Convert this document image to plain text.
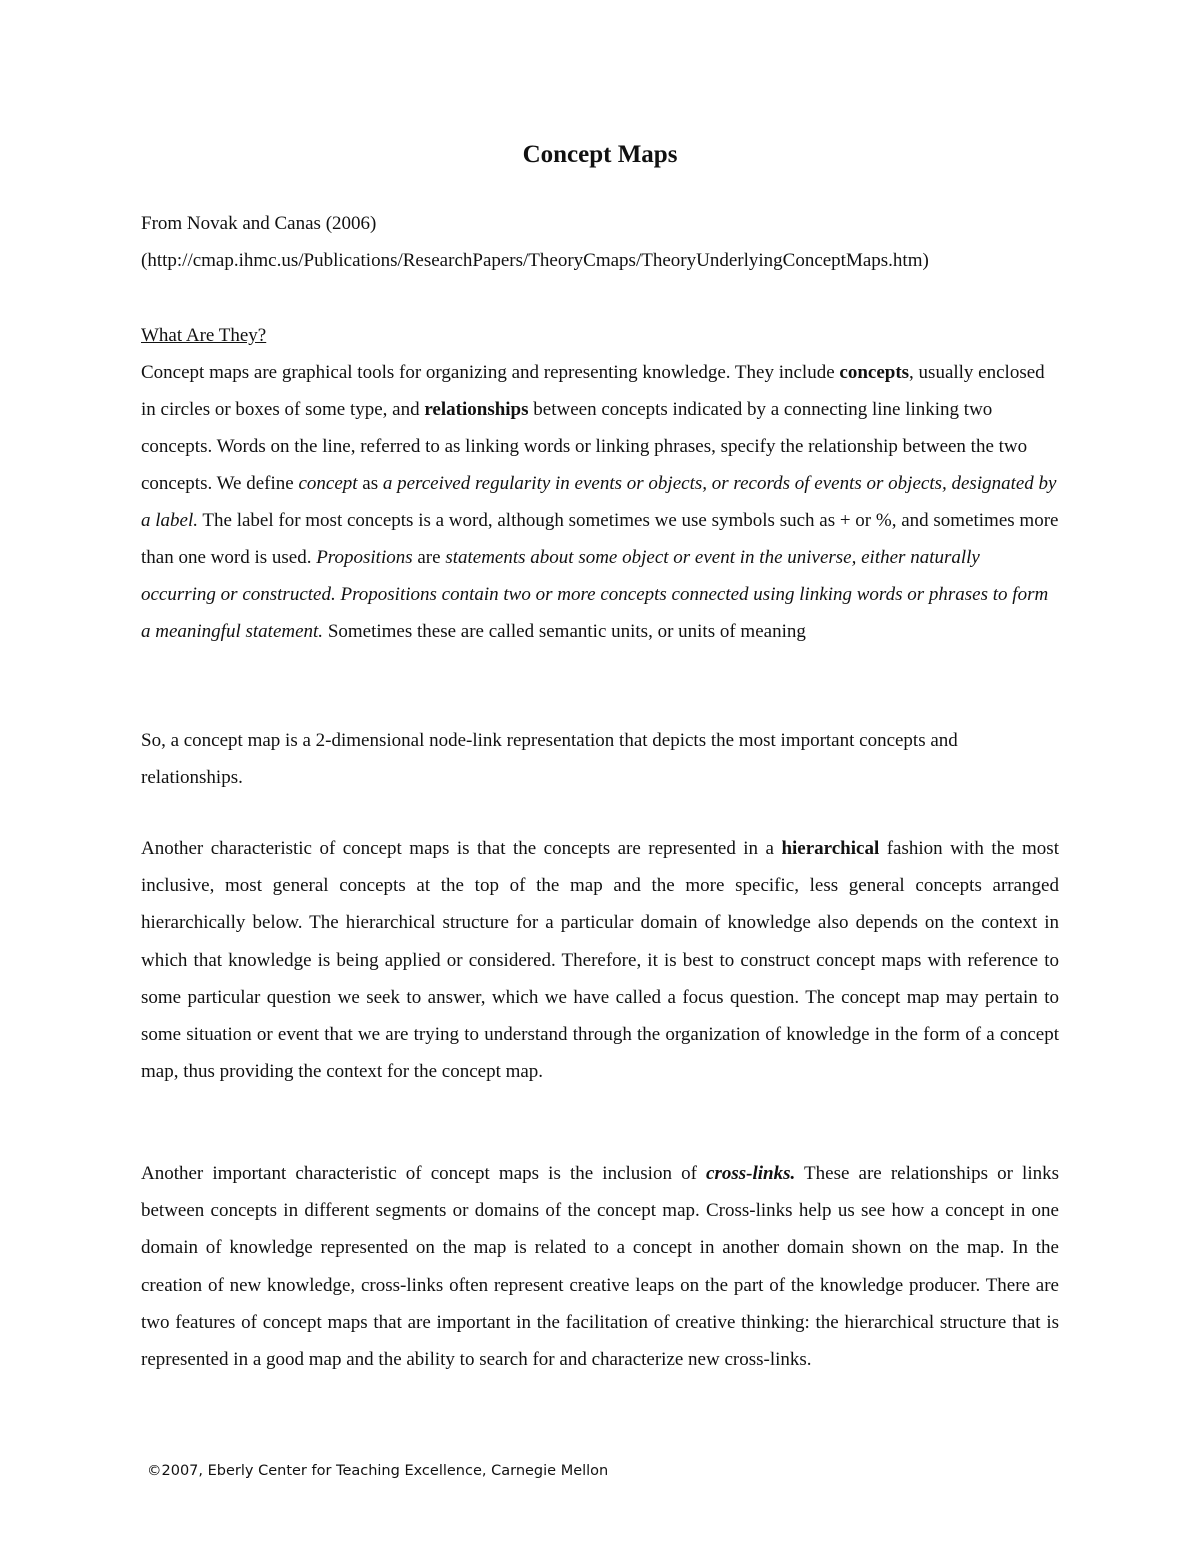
Concept Maps
From Novak and Canas (2006)
(http://cmap.ihmc.us/Publications/ResearchPapers/TheoryCmaps/TheoryUnderlyingConceptMaps.htm)
What Are They?

Concept maps are graphical tools for organizing and representing knowledge. They include concepts, usually enclosed in circles or boxes of some type, and relationships between concepts indicated by a connecting line linking two concepts. Words on the line, referred to as linking words or linking phrases, specify the relationship between the two concepts. We define concept as a perceived regularity in events or objects, or records of events or objects, designated by a label. The label for most concepts is a word, although sometimes we use symbols such as + or %, and sometimes more than one word is used. Propositions are statements about some object or event in the universe, either naturally occurring or constructed. Propositions contain two or more concepts connected using linking words or phrases to form a meaningful statement. Sometimes these are called semantic units, or units of meaning

So, a concept map is a 2-dimensional node-link representation that depicts the most important concepts and relationships.

Another characteristic of concept maps is that the concepts are represented in a hierarchical fashion with the most inclusive, most general concepts at the top of the map and the more specific, less general concepts arranged hierarchically below. The hierarchical structure for a particular domain of knowledge also depends on the context in which that knowledge is being applied or considered. Therefore, it is best to construct concept maps with reference to some particular question we seek to answer, which we have called a focus question. The concept map may pertain to some situation or event that we are trying to understand through the organization of knowledge in the form of a concept map, thus providing the context for the concept map.

Another important characteristic of concept maps is the inclusion of cross-links. These are relationships or links between concepts in different segments or domains of the concept map. Cross-links help us see how a concept in one domain of knowledge represented on the map is related to a concept in another domain shown on the map. In the creation of new knowledge, cross-links often represent creative leaps on the part of the knowledge producer. There are two features of concept maps that are important in the facilitation of creative thinking: the hierarchical structure that is represented in a good map and the ability to search for and characterize new cross-links.

©2007, Eberly Center for Teaching Excellence, Carnegie Mellon
